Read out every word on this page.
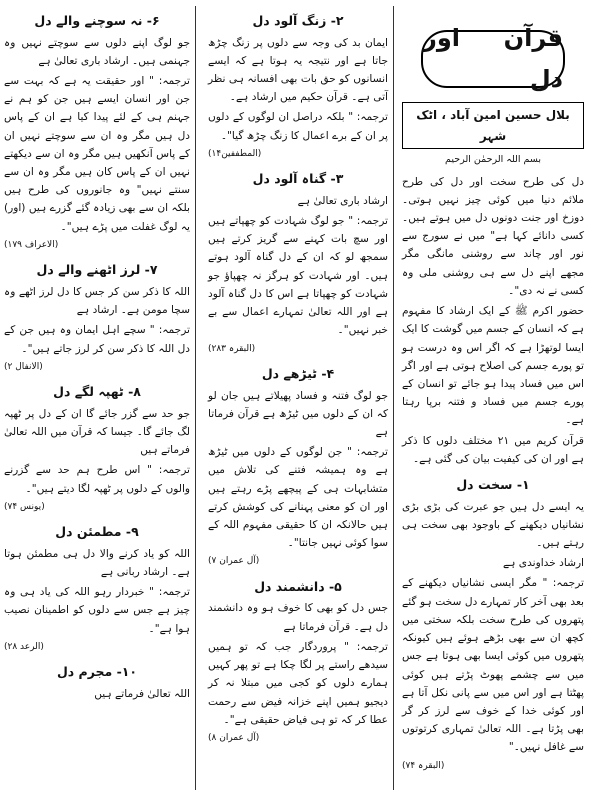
قرآن اور دل
بلال حسین امین آباد ، اٹک شہر
بسم اللہ الرحمٰن الرحیم

دل کی طرح سخت اور دل کی طرح ملائم دنیا میں کوئی چیز نہیں ہوتی۔ دوزخ اور جنت دونوں دل میں ہوتے ہیں۔ کسی دانائے کہا ہے" میں نے سورج سے نور اور چاند سے روشنی مانگی مگر مجھے اپنے دل سے ہی روشنی ملی وہ کسی نے نہ دی"۔

حضور اکرم ﷺ کے ایک ارشاد کا مفہوم ہے کہ انسان کے جسم میں گوشت کا ایک ایسا لوتھڑا ہے کہ اگر اس وہ درست ہو تو پورے جسم کی اصلاح ہوتی ہے اور اگر اس میں فساد پیدا ہو جائے تو انسان کے پورے جسم میں فساد و فتنہ برپا رہتا ہے۔

قرآن کریم میں ۲۱ مختلف دلوں کا ذکر ہے اور ان کی کیفیت بیان کی گئی ہے۔

۱- سخت دل

یہ ایسے دل ہیں جو عبرت کی بڑی بڑی نشانیاں دیکھنے کے باوجود بھی سخت ہی رہتے ہیں۔

ارشاد خداوندی ہے

ترجمہ: " مگر ایسی نشانیاں دیکھنے کے بعد بھی آخر کار تمہارے دل سخت ہو گئے پتھروں کی طرح سخت بلکہ سختی میں کچھ ان سے بھی بڑھے ہوئے ہیں کیونکہ پتھروں میں کوئی ایسا بھی ہوتا ہے جس میں سے چشمے پھوٹ پڑتے ہیں کوئی پھٹتا ہے اور اس میں سے پانی نکل آتا ہے اور کوئی خدا کے خوف سے لرز کر گر بھی پڑتا ہے۔ اللہ تعالیٰ تمہاری کرتوتوں سے غافل نہیں۔"

(البقرہ ۷۴)
۲- زنگ آلود دل

ایمان بد کی وجہ سے دلوں پر زنگ چڑھ جاتا ہے اور نتیجہ یہ ہوتا ہے کہ ایسے انسانوں کو حق بات بھی افسانہ ہی نظر آتی ہے۔ قرآن حکیم میں ارشاد ہے۔

ترجمہ: " بلکہ دراصل ان لوگوں کے دلوں پر ان کے برے اعمال کا زنگ چڑھ گیا"۔

(المطففین۱۴)
۳- گناہ آلود دل

ارشاد باری تعالیٰ ہے

ترجمہ: " جو لوگ شہادت کو چھپاتے ہیں اور سچ بات کہنے سے گریز کرتے ہیں سمجھ لو کہ ان کے دل گناہ آلود ہوتے ہیں۔ اور شہادت کو ہرگز نہ چھپاؤ جو شہادت کو چھپاتا ہے اس کا دل گناہ آلود ہے اور اللہ تعالیٰ تمہارے اعمال سے بے خبر نہیں"۔

(البقرہ ۲۸۳)
۴- ٹیڑھے دل

جو لوگ فتنہ و فساد پھیلاتے ہیں جان لو کہ ان کے دلوں میں ٹیڑھ ہے قرآن فرماتا ہے

ترجمہ: " جن لوگوں کے دلوں میں ٹیڑھ ہے وہ ہمیشہ فتنے کی تلاش میں متشابہات ہی کے پیچھے پڑے رہتے ہیں اور ان کو معنی پہنانے کی کوشش کرتے ہیں حالانکہ ان کا حقیقی مفہوم اللہ کے سوا کوئی نہیں جانتا"۔

(آل عمران ۷)
۵- دانشمند دل

جس دل کو بھی کا خوف ہو وہ دانشمند دل ہے۔ قرآن فرماتا ہے

ترجمہ: " پروردگار جب کہ تو ہمیں سیدھے راستے پر لگا چکا ہے تو پھر کہیں ہمارے دلوں کو کجی میں مبتلا نہ کر دیجیو ہمیں اپنے خزانہ فیض سے رحمت عطا کر کہ تو ہی فیاض حقیقی ہے"۔

(آل عمران ۸)
۶- نہ سوچنے والے دل

جو لوگ اپنے دلوں سے سوچتے نہیں وہ جہنمی ہیں۔ ارشاد باری تعالیٰ ہے

ترجمہ: " اور حقیقت یہ ہے کہ بہت سے جن اور انسان ایسے ہیں جن کو ہم نے جہنم ہی کے لئے پیدا کیا ہے ان کے پاس دل ہیں مگر وہ ان سے سوچتے نہیں ان کے پاس آنکھیں ہیں مگر وہ ان سے دیکھتے نہیں ان کے پاس کان ہیں مگر وہ ان سے سنتے نہیں" وہ جانوروں کی طرح ہیں بلکہ ان سے بھی زیادہ گئے گزرے ہیں (اور) یہ لوگ غفلت میں پڑے ہیں"۔

(الاعراف ۱۷۹)
۷- لرز اٹھنے والے دل

اللہ کا ذکر سن کر جس کا دل لرز اٹھے وہ سچا مومن ہے۔ ارشاد ہے

ترجمہ: " سچے اہل ایمان وہ ہیں جن کے دل اللہ کا ذکر سن کر لرز جاتے ہیں"۔

(الانفال ۲)
۸- ٹھپہ لگے دل

جو حد سے گزر جائے گا ان کے دل پر ٹھپہ لگ جائے گا۔ جیسا کہ قرآن میں اللہ تعالیٰ فرماتے ہیں

ترجمہ: " اس طرح ہم حد سے گزرنے والوں کے دلوں پر ٹھپہ لگا دیتے ہیں"۔

(یونس ۷۴)
۹- مطمئن دل

اللہ کو یاد کرنے والا دل ہی مطمئن ہوتا ہے۔ ارشاد ربانی ہے

ترجمہ: " خبردار رہو اللہ کی یاد ہی وہ چیز ہے جس سے دلوں کو اطمینان نصیب ہوا ہے"۔

(الرعد ۲۸)
۱۰- مجرم دل

اللہ تعالیٰ فرماتے ہیں
